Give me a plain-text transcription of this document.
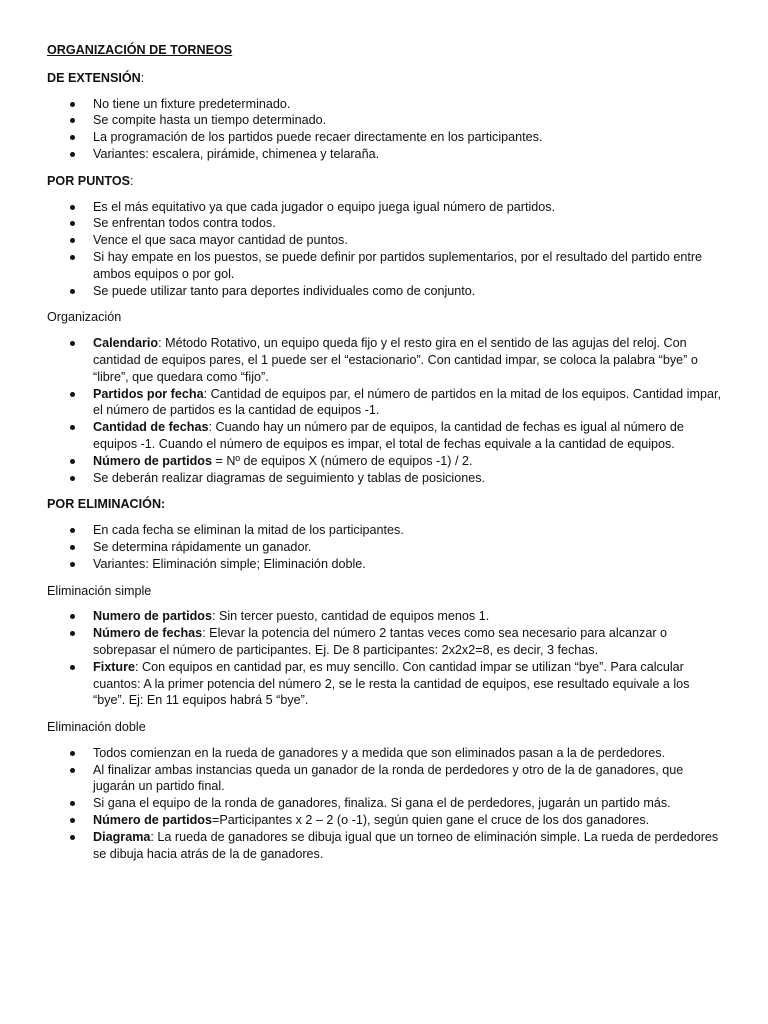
ORGANIZACIÓN DE TORNEOS
DE EXTENSIÓN:
No tiene un fixture predeterminado.
Se compite hasta un tiempo determinado.
La programación de los partidos puede recaer directamente en los participantes.
Variantes: escalera, pirámide, chimenea y telaraña.
POR PUNTOS:
Es el más equitativo ya que cada jugador o equipo juega igual número de partidos.
Se enfrentan todos contra todos.
Vence el que saca mayor cantidad de puntos.
Si hay empate en los puestos, se puede definir por partidos suplementarios, por el resultado del partido entre ambos equipos o por gol.
Se puede utilizar tanto para deportes individuales como de conjunto.
Organización
Calendario: Método Rotativo, un equipo queda fijo y el resto gira en el sentido de las agujas del reloj. Con cantidad de equipos pares, el 1 puede ser el “estacionario”. Con cantidad impar, se coloca la palabra “bye” o “libre”, que quedara como “fijo”.
Partidos por fecha: Cantidad de equipos par, el número de partidos en la mitad de los equipos. Cantidad impar, el número de partidos es la cantidad de equipos -1.
Cantidad de fechas: Cuando hay un número par de equipos, la cantidad de fechas es igual al número de equipos -1. Cuando el número de equipos es impar, el total de fechas equivale a la cantidad de equipos.
Número de partidos = Nº de equipos X (número de equipos -1) / 2.
Se deberán realizar diagramas de seguimiento y tablas de posiciones.
POR ELIMINACIÓN:
En cada fecha se eliminan la mitad de los participantes.
Se determina rápidamente un ganador.
Variantes: Eliminación simple; Eliminación doble.
Eliminación simple
Numero de partidos: Sin tercer puesto, cantidad de equipos menos 1.
Número de fechas: Elevar la potencia del número 2 tantas veces como sea necesario para alcanzar o sobrepasar el número de participantes. Ej. De 8 participantes: 2x2x2=8, es decir, 3 fechas.
Fixture: Con equipos en cantidad par, es muy sencillo. Con cantidad impar se utilizan “bye”. Para calcular cuantos: A la primer potencia del número 2, se le resta la cantidad de equipos, ese resultado equivale a los “bye”. Ej: En 11 equipos habrá 5 “bye”.
Eliminación doble
Todos comienzan en la rueda de ganadores y a medida que son eliminados pasan a la de perdedores.
Al finalizar ambas instancias queda un ganador de la ronda de perdedores y otro de la de ganadores, que jugarán un partido final.
Si gana el equipo de la ronda de ganadores, finaliza. Si gana el de perdedores, jugarán un partido más.
Número de partidos=Participantes x 2 – 2 (o -1), según quien gane el cruce de los dos ganadores.
Diagrama: La rueda de ganadores se dibuja igual que un torneo de eliminación simple. La rueda de perdedores se dibuja hacia atrás de la de ganadores.
